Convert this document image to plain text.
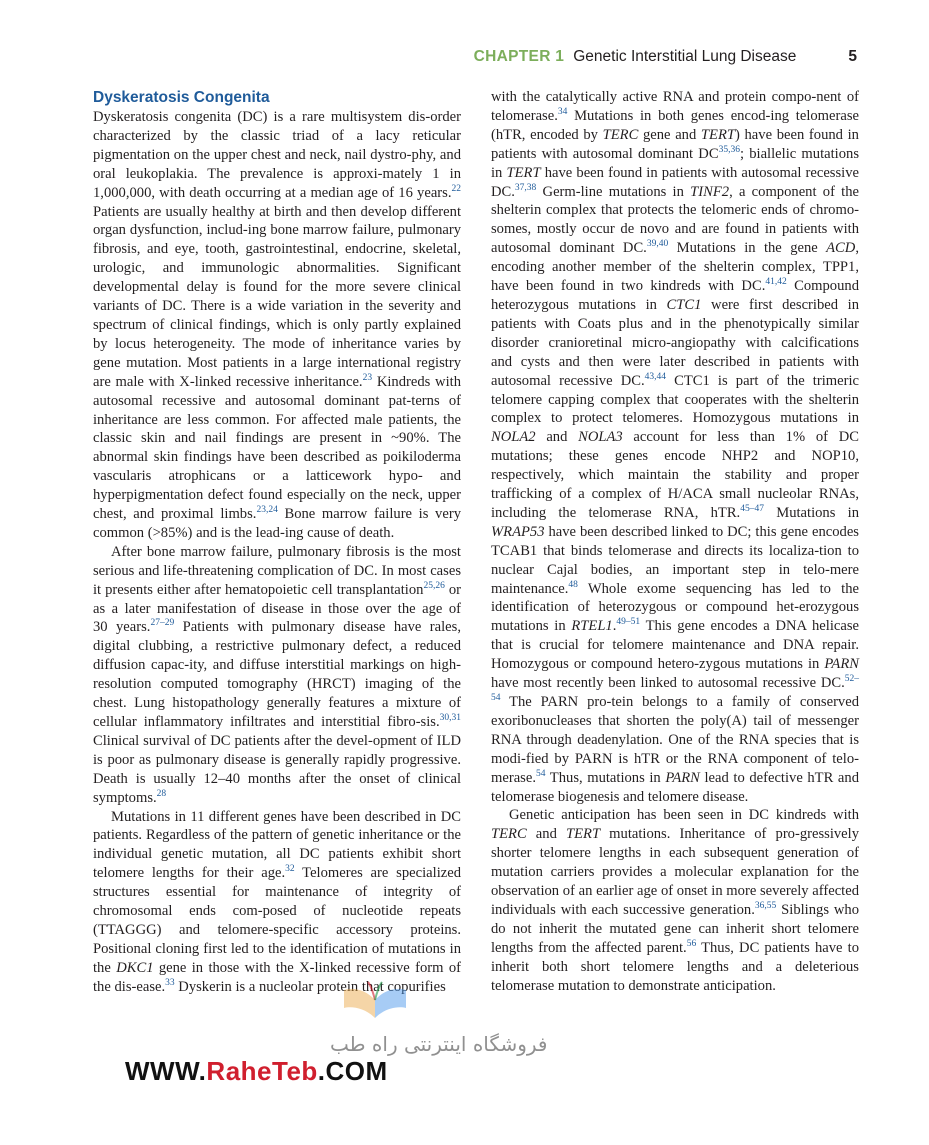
CHAPTER 1 Genetic Interstitial Lung Disease	5
Dyskeratosis Congenita

Dyskeratosis congenita (DC) is a rare multisystem dis-order characterized by the classic triad of a lacy reticular pigmentation on the upper chest and neck, nail dystro-phy, and oral leukoplakia. The prevalence is approxi-mately 1 in 1,000,000, with death occurring at a median age of 16 years.$^{22}$ Patients are usually healthy at birth and then develop different organ dysfunction, includ-ing bone marrow failure, pulmonary fibrosis, and eye, tooth, gastrointestinal, endocrine, skeletal, urologic, and immunologic abnormalities. Significant developmental delay is found for the more severe clinical variants of DC. There is a wide variation in the severity and spectrum of clinical findings, which is only partly explained by locus heterogeneity. The mode of inheritance varies by gene mutation. Most patients in a large international registry are male with X-linked recessive inheritance.$^{23}$ Kindreds with autosomal recessive and autosomal dominant pat-terns of inheritance are less common. For affected male patients, the classic skin and nail findings are present in ~90%. The abnormal skin findings have been described as poikiloderma vascularis atrophicans or a latticework hypo- and hyperpigmentation defect found especially on the neck, upper chest, and proximal limbs.$^{23,24}$ Bone marrow failure is very common (>85%) and is the lead-ing cause of death.

After bone marrow failure, pulmonary fibrosis is the most serious and life-threatening complication of DC. In most cases it presents either after hematopoietic cell transplantation$^{25,26}$ or as a later manifestation of disease in those over the age of 30 years.$^{27-29}$ Patients with pulmonary disease have rales, digital clubbing, a restrictive pulmonary defect, a reduced diffusion capac-ity, and diffuse interstitial markings on high-resolution computed tomography (HRCT) imaging of the chest. Lung histopathology generally features a mixture of cellular inflammatory infiltrates and interstitial fibro-sis.$^{30,31}$ Clinical survival of DC patients after the devel-opment of ILD is poor as pulmonary disease is generally rapidly progressive. Death is usually 12–40 months after the onset of clinical symptoms.$^{28}$

Mutations in 11 different genes have been described in DC patients. Regardless of the pattern of genetic inheritance or the individual genetic mutation, all DC patients exhibit short telomere lengths for their age.$^{32}$ Telomeres are specialized structures essential for maintenance of integrity of chromosomal ends com-posed of nucleotide repeats (TTAGGG) and telomere-specific accessory proteins. Positional cloning first led to the identification of mutations in the DKC1 gene in those with the X-linked recessive form of the dis-ease.$^{33}$ Dyskerin is a nucleolar protein that copurifies

with the catalytically active RNA and protein compo-nent of telomerase.$^{34}$ Mutations in both genes encod-ing telomerase (hTR, encoded by TERC gene and TERT) have been found in patients with autosomal dominant DC$^{35,36}$; biallelic mutations in TERT have been found in patients with autosomal recessive DC.$^{37,38}$ Germ-line mutations in TINF2, a component of the shelterin complex that protects the telomeric ends of chromo-somes, mostly occur de novo and are found in patients with autosomal dominant DC.$^{39,40}$ Mutations in the gene ACD, encoding another member of the shelterin complex, TPP1, have been found in two kindreds with DC.$^{41,42}$ Compound heterozygous mutations in CTC1 were first described in patients with Coats plus and in the phenotypically similar disorder cranioretinal micro-angiopathy with calcifications and cysts and then were later described in patients with autosomal recessive DC.$^{43,44}$ CTC1 is part of the trimeric telomere capping complex that cooperates with the shelterin complex to protect telomeres. Homozygous mutations in NOLA2 and NOLA3 account for less than 1% of DC mutations; these genes encode NHP2 and NOP10, respectively, which maintain the stability and proper trafficking of a complex of H/ACA small nucleolar RNAs, including the telomerase RNA, hTR.$^{45-47}$ Mutations in WRAP53 have been described linked to DC; this gene encodes TCAB1 that binds telomerase and directs its localiza-tion to nuclear Cajal bodies, an important step in telo-mere maintenance.$^{48}$ Whole exome sequencing has led to the identification of heterozygous or compound het-erozygous mutations in RTEL1.$^{49-51}$ This gene encodes a DNA helicase that is crucial for telomere maintenance and DNA repair. Homozygous or compound hetero-zygous mutations in PARN have most recently been linked to autosomal recessive DC.$^{52-54}$ The PARN pro-tein belongs to a family of conserved exoribonucleases that shorten the poly(A) tail of messenger RNA through deadenylation. One of the RNA species that is modi-fied by PARN is hTR or the RNA component of telo-merase.$^{54}$ Thus, mutations in PARN lead to defective hTR and telomerase biogenesis and telomere disease.

Genetic anticipation has been seen in DC kindreds with TERC and TERT mutations. Inheritance of pro-gressively shorter telomere lengths in each subsequent generation of mutation carriers provides a molecular explanation for the observation of an earlier age of onset in more severely affected individuals with each successive generation.$^{36,55}$ Siblings who do not inherit the mutated gene can inherit short telomere lengths from the affected parent.$^{56}$ Thus, DC patients have to inherit both short telomere lengths and a deleterious telomerase mutation to demonstrate anticipation.

فروشگاه اینترنتی راه طب
WWW.RaheTeb.COM
